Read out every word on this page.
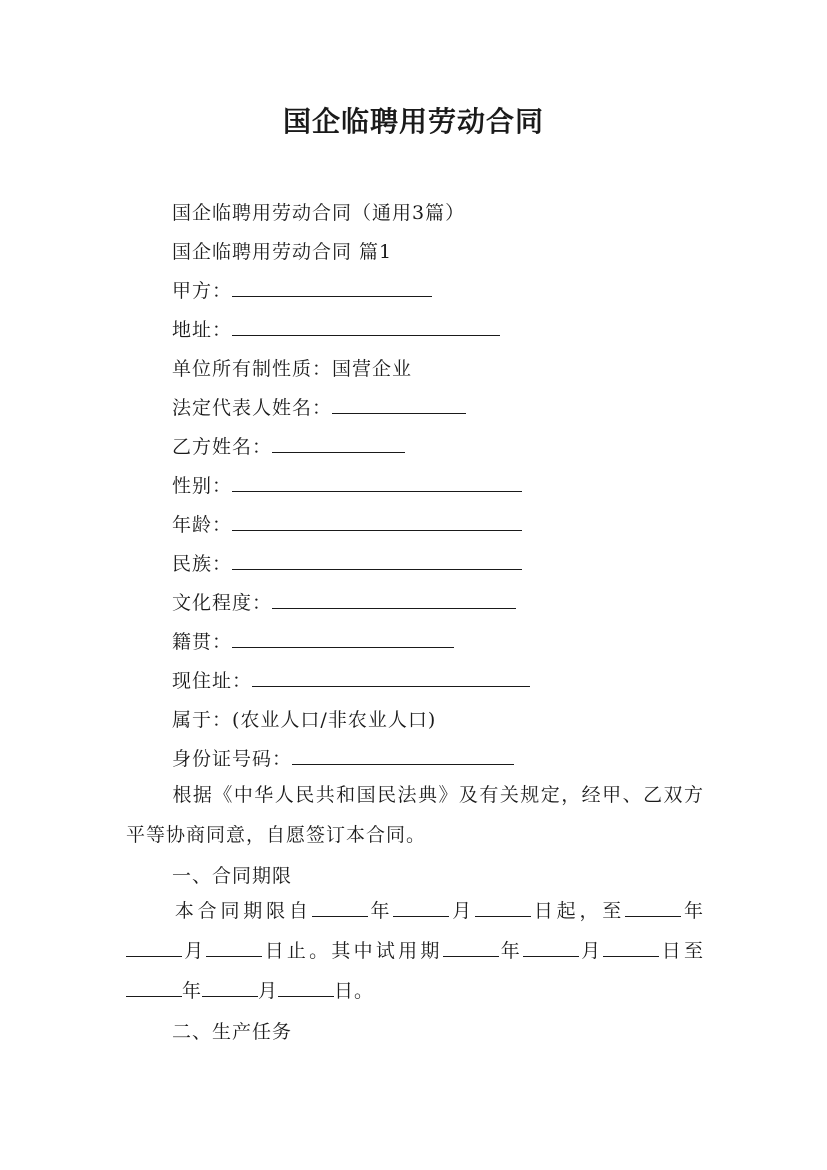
国企临聘用劳动合同
国企临聘用劳动合同（通用3篇）
国企临聘用劳动合同 篇1
甲方：
地址：
单位所有制性质：国营企业
法定代表人姓名：
乙方姓名：
性别：
年龄：
民族：
文化程度：
籍贯：
现住址：
属于：(农业人口/非农业人口)
身份证号码：
根据《中华人民共和国民法典》及有关规定，经甲、乙双方平等协商同意，自愿签订本合同。
一、合同期限
本合同期限自	年	月	日起，至	年月	日止。其中试用期	年	月	日至年	月	日。
二、生产任务
